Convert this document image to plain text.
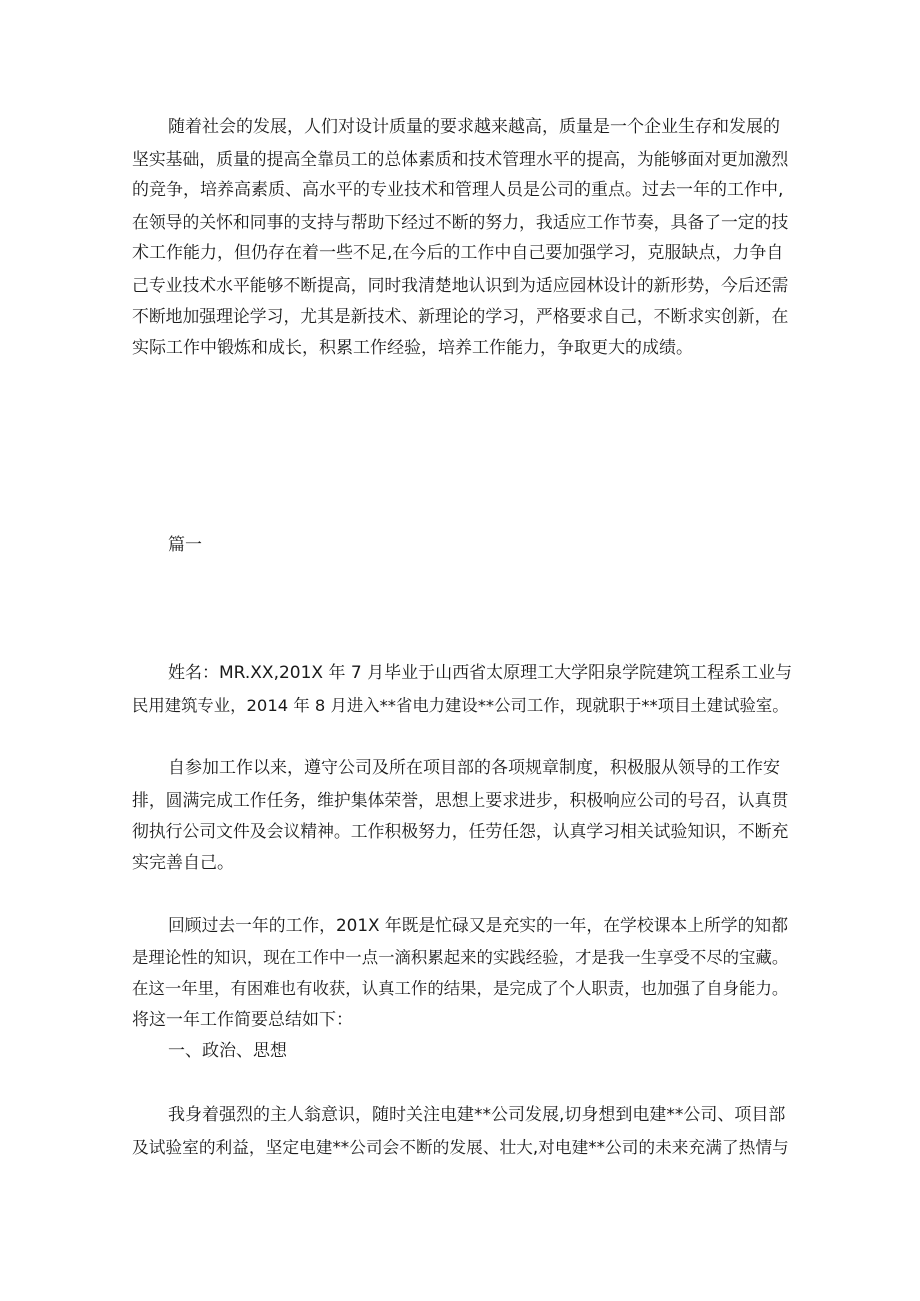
随着社会的发展，人们对设计质量的要求越来越高，质量是一个企业生存和发展的
坚实基础，质量的提高全靠员工的总体素质和技术管理水平的提高，为能够面对更加激烈
的竞争，培养高素质、高水平的专业技术和管理人员是公司的重点。过去一年的工作中,
在领导的关怀和同事的支持与帮助下经过不断的努力，我适应工作节奏，具备了一定的技
术工作能力，但仍存在着一些不足,在今后的工作中自己要加强学习，克服缺点，力争自
己专业技术水平能够不断提高，同时我清楚地认识到为适应园林设计的新形势，今后还需
不断地加强理论学习，尤其是新技术、新理论的学习，严格要求自己，不断求实创新，在
实际工作中锻炼和成长，积累工作经验，培养工作能力，争取更大的成绩。
篇一
姓名：MR.XX,201X 年 7 月毕业于山西省太原理工大学阳泉学院建筑工程系工业与
民用建筑专业，2014 年 8 月进入**省电力建设**公司工作，现就职于**项目土建试验室。
自参加工作以来，遵守公司及所在项目部的各项规章制度，积极服从领导的工作安
排，圆满完成工作任务，维护集体荣誉，思想上要求进步，积极响应公司的号召，认真贯
彻执行公司文件及会议精神。工作积极努力，任劳任怨，认真学习相关试验知识，不断充
实完善自己。
回顾过去一年的工作，201X 年既是忙碌又是充实的一年，在学校课本上所学的知都
是理论性的知识，现在工作中一点一滴积累起来的实践经验，才是我一生享受不尽的宝藏。
在这一年里，有困难也有收获，认真工作的结果，是完成了个人职责，也加强了自身能力。
将这一年工作简要总结如下：
一、政治、思想
我身着强烈的主人翁意识，随时关注电建**公司发展,切身想到电建**公司、项目部
及试验室的利益，坚定电建**公司会不断的发展、壮大,对电建**公司的未来充满了热情与
